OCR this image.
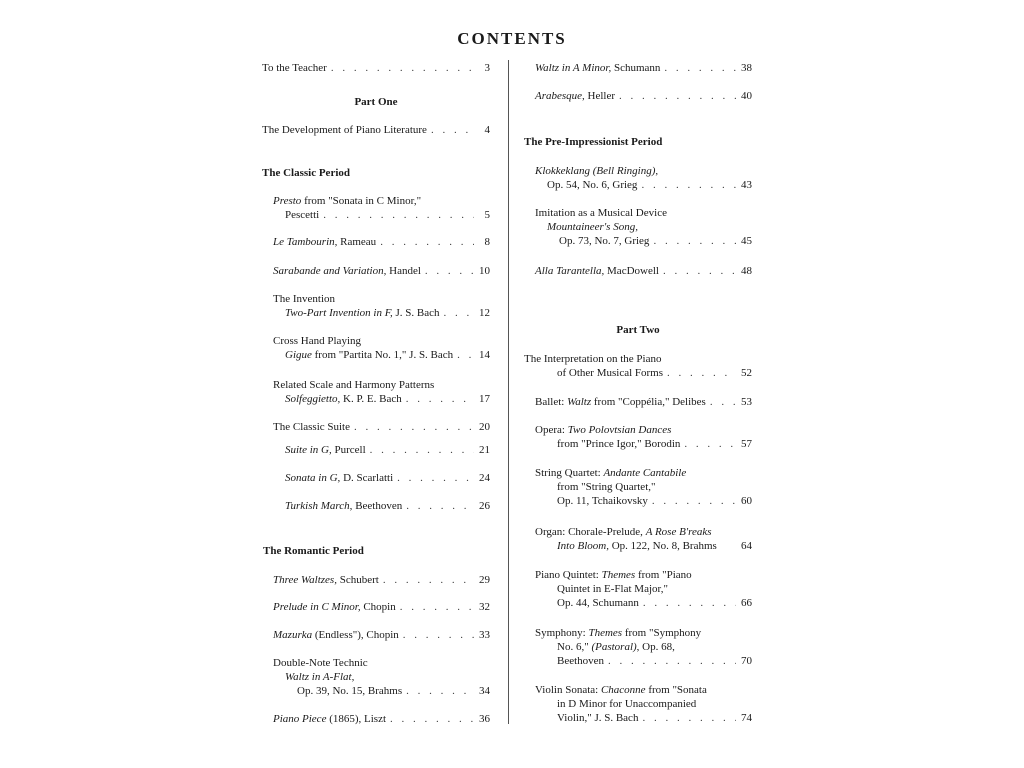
CONTENTS
To the Teacher . . .	3
Part One
The Development of Piano Literature . . .	4
The Classic Period
Presto from "Sonata in C Minor,"
Pescetti . . .	5
Le Tambourin, Rameau . . .	8
Sarabande and Variation, Handel . . .	10
The Invention
Two-Part Invention in F, J. S. Bach . . .	12
Cross Hand Playing
Gigue from "Partita No. 1," J. S. Bach . . . 14
Related Scale and Harmony Patterns
Solfeggietto, K. P. E. Bach . . .	17
The Classic Suite . . .	20
Suite in G, Purcell . . .	21
Sonata in G, D. Scarlatti . . .	24
Turkish March, Beethoven . . .	26
The Romantic Period
Three Waltzes, Schubert . . .	29
Prelude in C Minor, Chopin . . .	32
Mazurka (Endless"), Chopin . . .	33
Double-Note Technic
Waltz in A-Flat,
Op. 39, No. 15, Brahms . . .	34
Piano Piece (1865), Liszt . . .	36
Waltz in A Minor, Schumann . . .	38
Arabesque, Heller . . .	40
The Pre-Impressionist Period
Klokkeklang (Bell Ringing),
Op. 54, No. 6, Grieg . . .	43
Imitation as a Musical Device
Mountaineer's Song,
Op. 73, No. 7, Grieg . . .	45
Alla Tarantella, MacDowell . . .	48
Part Two
The Interpretation on the Piano
of Other Musical Forms . . .	52
Ballet: Waltz from "Coppélia," Delibes . . .	53
Opera: Two Polovtsian Dances
from "Prince Igor," Borodin . . .	57
String Quartet: Andante Cantabile
from "String Quartet,"
Op. 11, Tchaikovsky . . .	60
Organ: Chorale-Prelude, A Rose B'reaks
Into Bloom, Op. 122, No. 8, Brahms 64
Piano Quintet: Themes from "Piano
Quintet in E-Flat Major,"
Op. 44, Schumann . . .	66
Symphony: Themes from "Symphony
No. 6," (Pastoral), Op. 68,
Beethoven . . .	70
Violin Sonata: Chaconne from "Sonata
in D Minor for Unaccompanied
Violin," J. S. Bach . . .	74
